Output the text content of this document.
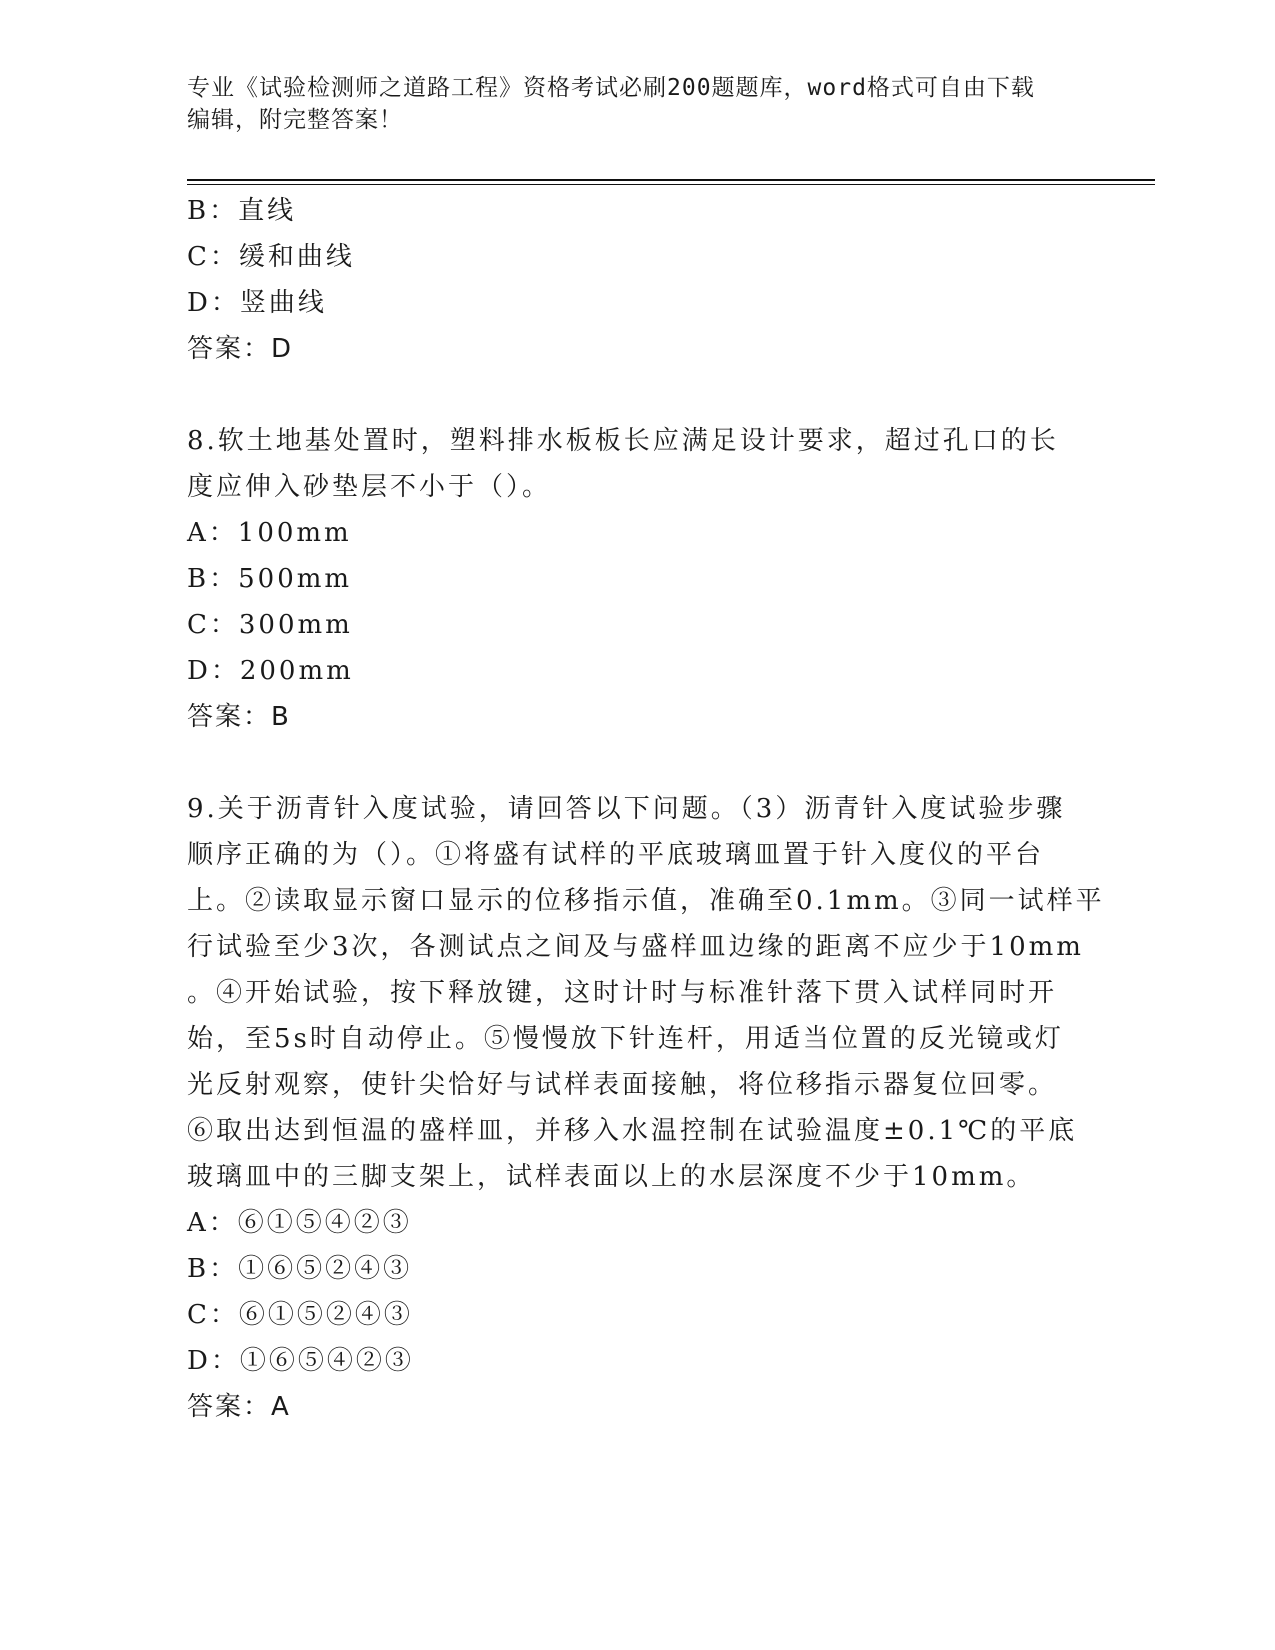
专业《试验检测师之道路工程》资格考试必刷200题题库，word格式可自由下载
编辑，附完整答案！
B：直线
C：缓和曲线
D：竖曲线
答案：D
8.软土地基处置时，塑料排水板板长应满足设计要求，超过孔口的长
度应伸入砂垫层不小于（）。
A：100mm
B：500mm
C：300mm
D：200mm
答案：B
9.关于沥青针入度试验，请回答以下问题。（3）沥青针入度试验步骤
顺序正确的为（）。①将盛有试样的平底玻璃皿置于针入度仪的平台
上。②读取显示窗口显示的位移指示值，准确至0.1mm。③同一试样平
行试验至少3次，各测试点之间及与盛样皿边缘的距离不应少于10mm
。④开始试验，按下释放键，这时计时与标准针落下贯入试样同时开
始，至5s时自动停止。⑤慢慢放下针连杆，用适当位置的反光镜或灯
光反射观察，使针尖恰好与试样表面接触，将位移指示器复位回零。
⑥取出达到恒温的盛样皿，并移入水温控制在试验温度±0.1℃的平底
玻璃皿中的三脚支架上，试样表面以上的水层深度不少于10mm。
A：⑥①⑤④②③
B：①⑥⑤②④③
C：⑥①⑤②④③
D：①⑥⑤④②③
答案：A
